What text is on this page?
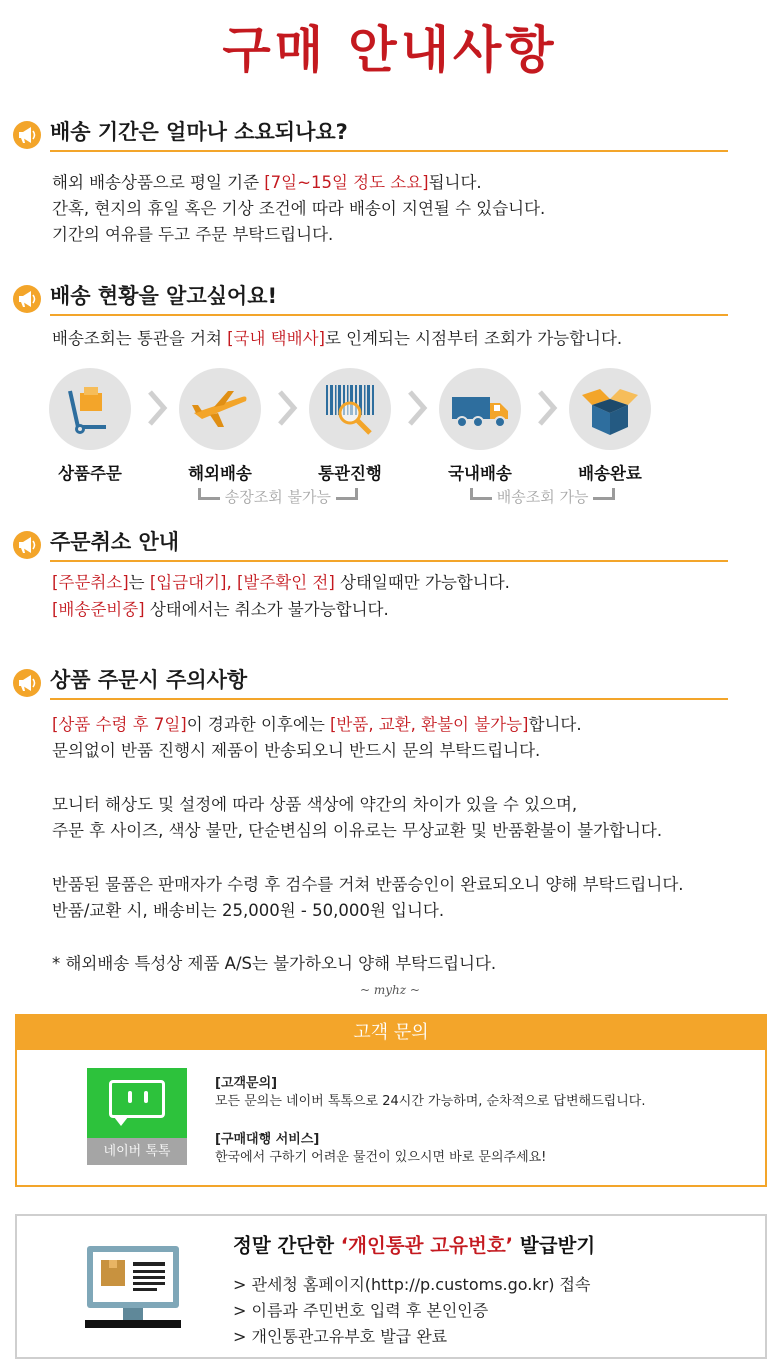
구매 안내사항
배송 기간은 얼마나 소요되나요?
해외 배송상품으로 평일 기준 [7일~15일 정도 소요]됩니다.
간혹, 현지의 휴일 혹은 기상 조건에 따라 배송이 지연될 수 있습니다.
기간의 여유를 두고 주문 부탁드립니다.
배송 현황을 알고싶어요!
배송조회는 통관을 거쳐 [국내 택배사]로 인계되는 시점부터 조회가 가능합니다.
상품주문	해외배송	통관진행	국내배송	배송완료
송장조회 불가능	배송조회 가능
주문취소 안내
[주문취소]는 [입금대기], [발주확인 전] 상태일때만 가능합니다.
[배송준비중] 상태에서는 취소가 불가능합니다.
상품 주문시 주의사항
[상품 수령 후 7일]이 경과한 이후에는 [반품, 교환, 환불이 불가능]합니다.
문의없이 반품 진행시 제품이 반송되오니 반드시 문의 부탁드립니다.
모니터 해상도 및 설정에 따라 상품 색상에 약간의 차이가 있을 수 있으며,
주문 후 사이즈, 색상 불만, 단순변심의 이유로는 무상교환 및 반품환불이 불가합니다.
반품된 물품은 판매자가 수령 후 검수를 거쳐 반품승인이 완료되오니 양해 부탁드립니다.
반품/교환 시, 배송비는 25,000원 - 50,000원 입니다.
* 해외배송 특성상 제품 A/S는 불가하오니 양해 부탁드립니다.
~ myhz ~
고객 문의
네이버 톡톡
[고객문의]
모든 문의는 네이버 톡톡으로 24시간 가능하며, 순차적으로 답변해드립니다.
[구매대행 서비스]
한국에서 구하기 어려운 물건이 있으시면 바로 문의주세요!
정말 간단한 ‘개인통관 고유번호’ 발급받기
> 관세청 홈페이지(http://p.customs.go.kr) 접속
> 이름과 주민번호 입력 후 본인인증
> 개인통관고유부호 발급 완료
